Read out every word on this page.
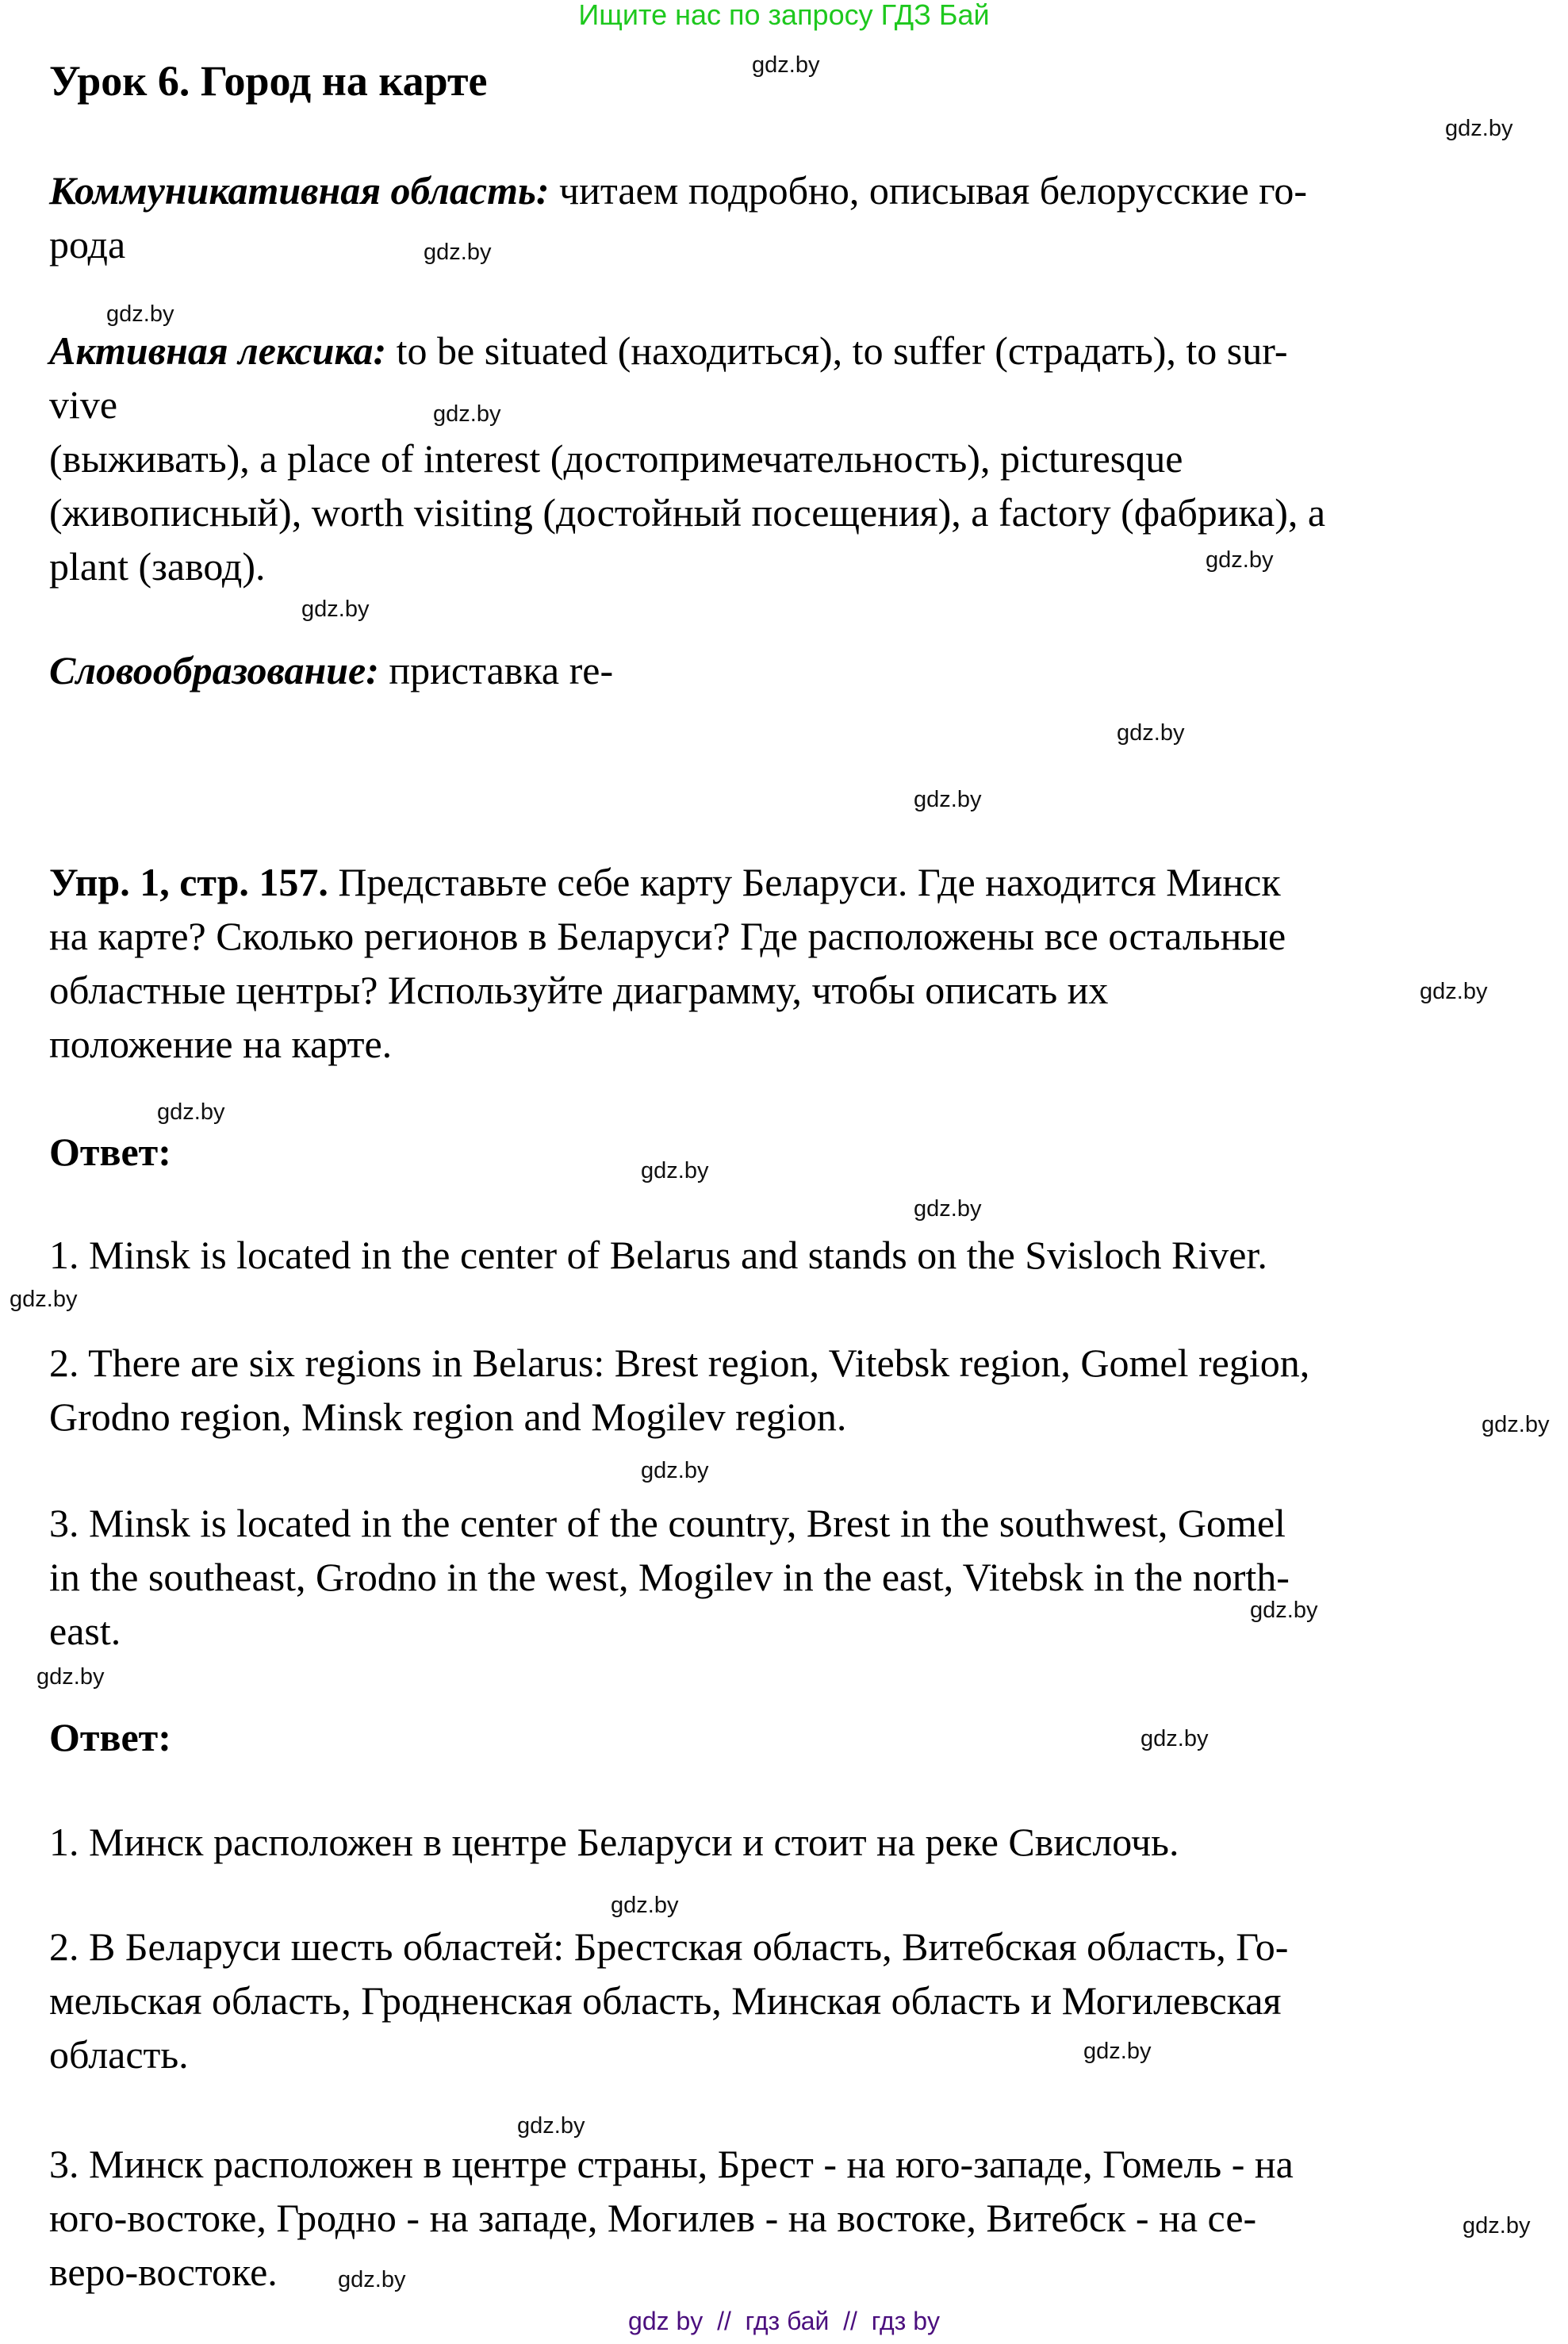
Ищите нас по запросу ГДЗ Бай
Урок 6. Город на карте
Коммуникативная область: читаем подробно, описывая белорусские го-
рода
Активная лексика: to be situated (находиться), to suffer (страдать), to sur-
vive
(выживать), a place of interest (достопримечательность), picturesque
(живописный), worth visiting (достойный посещения), a factory (фабрика), a
plant (завод).
Словообразование: приставка re-
Упр. 1, стр. 157. Представьте себе карту Беларуси. Где находится Минск
на карте? Сколько регионов в Беларуси? Где расположены все остальные
областные центры? Используйте диаграмму, чтобы описать их
положение на карте.
Ответ:
1. Minsk is located in the center of Belarus and stands on the Svisloch River.
2. There are six regions in Belarus: Brest region, Vitebsk region, Gomel region,
Grodno region, Minsk region and Mogilev region.
3. Minsk is located in the center of the country, Brest in the southwest, Gomel
in the southeast, Grodno in the west, Mogilev in the east, Vitebsk in the north-
east.
Ответ:
1. Минск расположен в центре Беларуси и стоит на реке Свислочь.
2. В Беларуси шесть областей: Брестская область, Витебская область, Го-
мельская область, Гродненская область, Минская область и Могилевская
область.
3. Минск расположен в центре страны, Брест - на юго-западе, Гомель - на
юго-востоке, Гродно - на западе, Могилев - на востоке, Витебск - на се-
веро-востоке.
gdz.by
gdz.by
gdz.by
gdz.by
gdz.by
gdz.by
gdz.by
gdz.by
gdz.by
gdz.by
gdz.by
gdz.by
gdz.by
gdz.by
gdz.by
gdz.by
gdz.by
gdz.by
gdz.by
gdz.by
gdz.by
gdz.by
gdz.by
gdz.by
gdz by  //  гдз бай  //  гдз by
